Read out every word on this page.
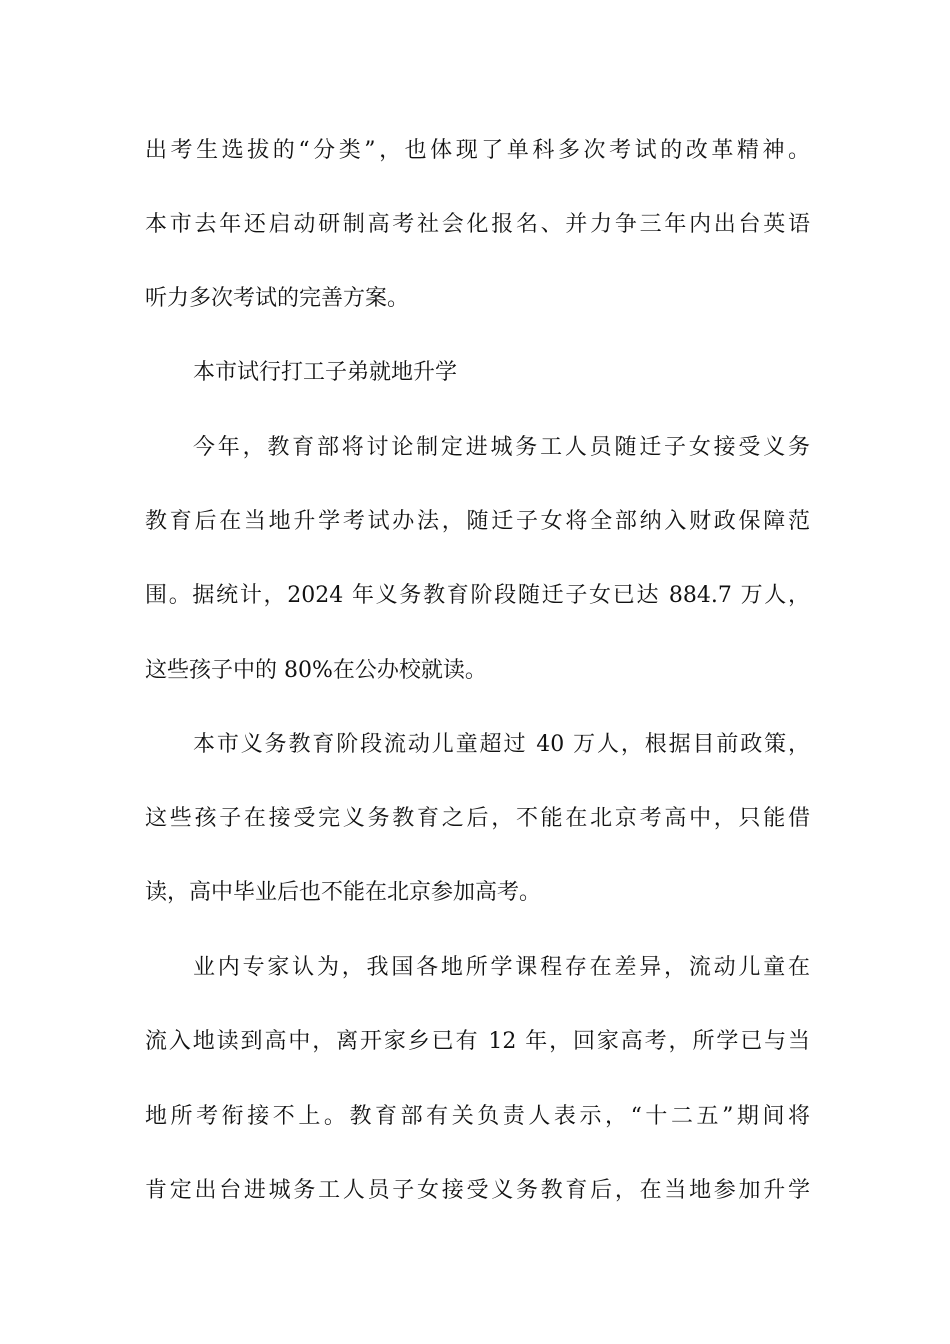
出考生选拔的“分类”，也体现了单科多次考试的改革精神。
本市去年还启动研制高考社会化报名、并力争三年内出台英语
听力多次考试的完善方案。
本市试行打工子弟就地升学
今年，教育部将讨论制定进城务工人员随迁子女接受义务
教育后在当地升学考试办法，随迁子女将全部纳入财政保障范
围。据统计，2024 年义务教育阶段随迁子女已达 884.7 万人，
这些孩子中的 80%在公办校就读。
本市义务教育阶段流动儿童超过 40 万人，根据目前政策，
这些孩子在接受完义务教育之后，不能在北京考高中，只能借
读，高中毕业后也不能在北京参加高考。
业内专家认为，我国各地所学课程存在差异，流动儿童在
流入地读到高中，离开家乡已有 12 年，回家高考，所学已与当
地所考衔接不上。教育部有关负责人表示，“十二五”期间将
肯定出台进城务工人员子女接受义务教育后，在当地参加升学
